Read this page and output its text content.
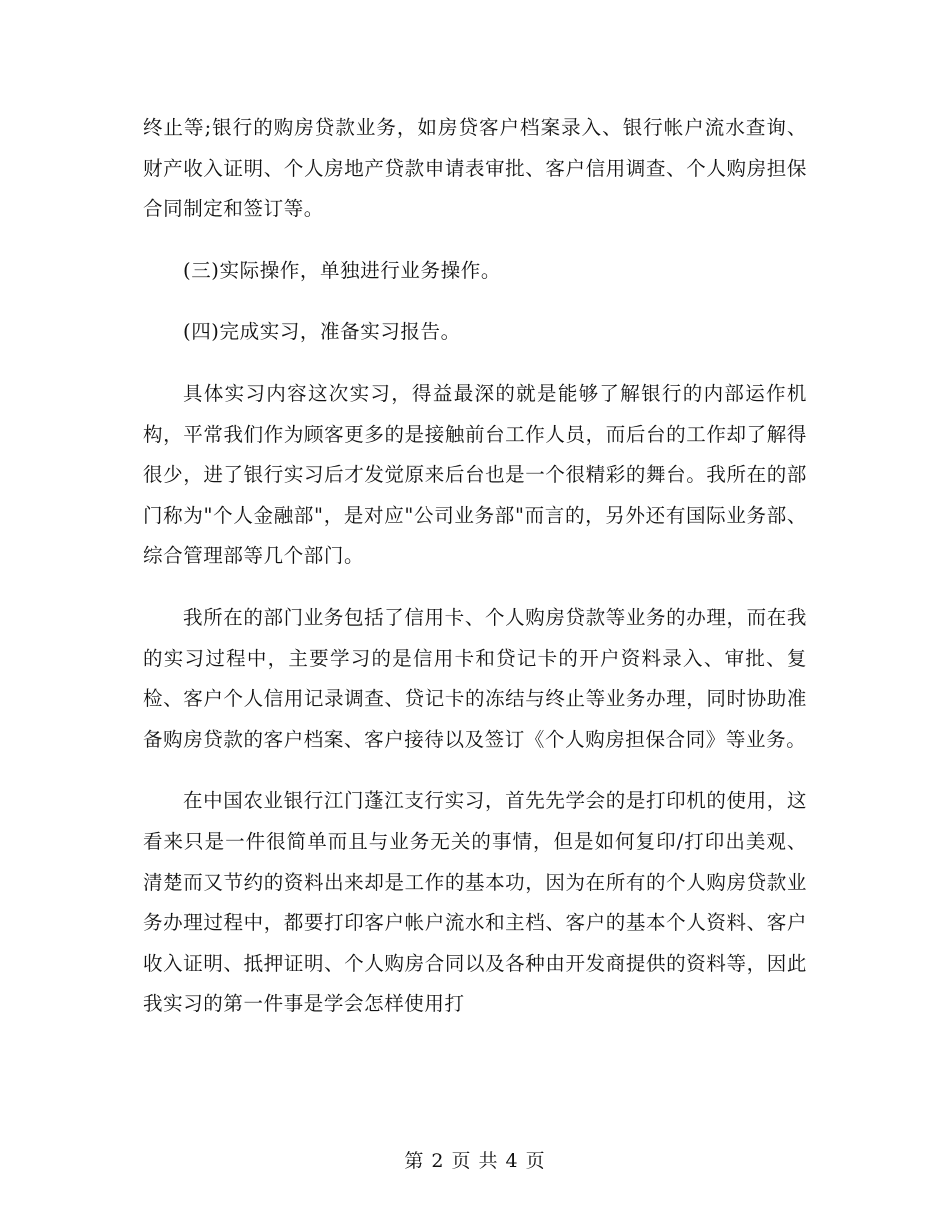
终止等;银行的购房贷款业务，如房贷客户档案录入、银行帐户流水查询、财产收入证明、个人房地产贷款申请表审批、客户信用调查、个人购房担保合同制定和签订等。

(三)实际操作，单独进行业务操作。

(四)完成实习，准备实习报告。

具体实习内容这次实习，得益最深的就是能够了解银行的内部运作机构，平常我们作为顾客更多的是接触前台工作人员，而后台的工作却了解得很少，进了银行实习后才发觉原来后台也是一个很精彩的舞台。我所在的部门称为"个人金融部"，是对应"公司业务部"而言的，另外还有国际业务部、综合管理部等几个部门。

我所在的部门业务包括了信用卡、个人购房贷款等业务的办理，而在我的实习过程中，主要学习的是信用卡和贷记卡的开户资料录入、审批、复检、客户个人信用记录调查、贷记卡的冻结与终止等业务办理，同时协助准备购房贷款的客户档案、客户接待以及签订《个人购房担保合同》等业务。

在中国农业银行江门蓬江支行实习，首先先学会的是打印机的使用，这看来只是一件很简单而且与业务无关的事情，但是如何复印/打印出美观、清楚而又节约的资料出来却是工作的基本功，因为在所有的个人购房贷款业务办理过程中，都要打印客户帐户流水和主档、客户的基本个人资料、客户收入证明、抵押证明、个人购房合同以及各种由开发商提供的资料等，因此我实习的第一件事是学会怎样使用打

第 2 页 共 4 页
